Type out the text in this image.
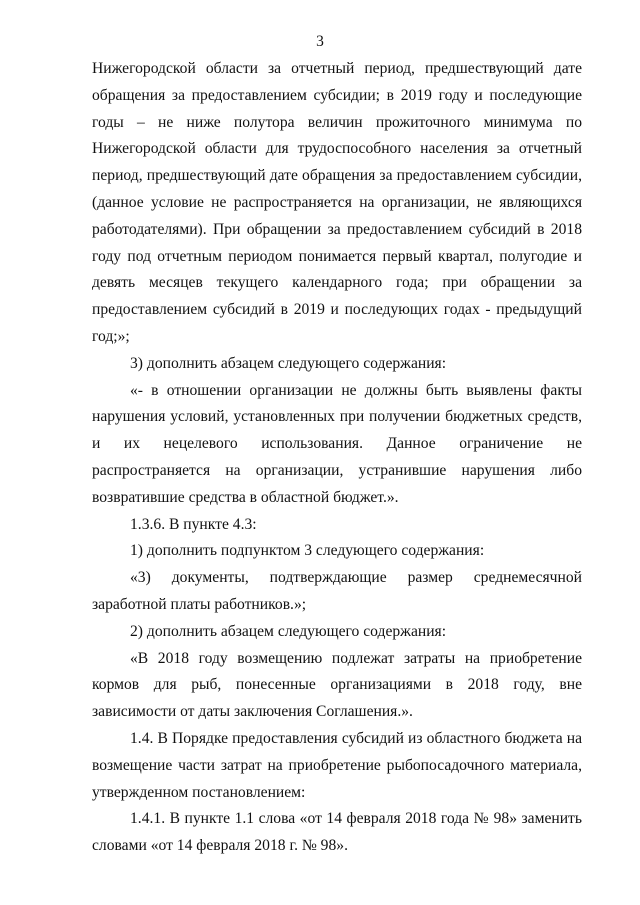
3

Нижегородской области за отчетный период, предшествующий дате обращения за предоставлением субсидии; в 2019 году и последующие годы – не ниже полутора величин прожиточного минимума по Нижегородской области для трудоспособного населения за отчетный период, предшествующий дате обращения за предоставлением субсидии, (данное условие не распространяется на организации, не являющихся работодателями). При обращении за предоставлением субсидий в 2018 году под отчетным периодом понимается первый квартал, полугодие и девять месяцев текущего календарного года; при обращении за предоставлением субсидий в 2019 и последующих годах - предыдущий год;»;

3) дополнить абзацем следующего содержания:

«- в отношении организации не должны быть выявлены факты нарушения условий, установленных при получении бюджетных средств, и их нецелевого использования. Данное ограничение не распространяется на организации, устранившие нарушения либо возвратившие средства в областной бюджет.».

1.3.6. В пункте 4.3:

1) дополнить подпунктом 3 следующего содержания:

«3) документы, подтверждающие размер среднемесячной заработной платы работников.»;

2) дополнить абзацем следующего содержания:

«В 2018 году возмещению подлежат затраты на приобретение кормов для рыб, понесенные организациями в 2018 году, вне зависимости от даты заключения Соглашения.».

1.4. В Порядке предоставления субсидий из областного бюджета на возмещение части затрат на приобретение рыбопосадочного материала, утвержденном постановлением:

1.4.1. В пункте 1.1 слова «от 14 февраля 2018 года № 98» заменить словами «от 14 февраля 2018 г. № 98».
